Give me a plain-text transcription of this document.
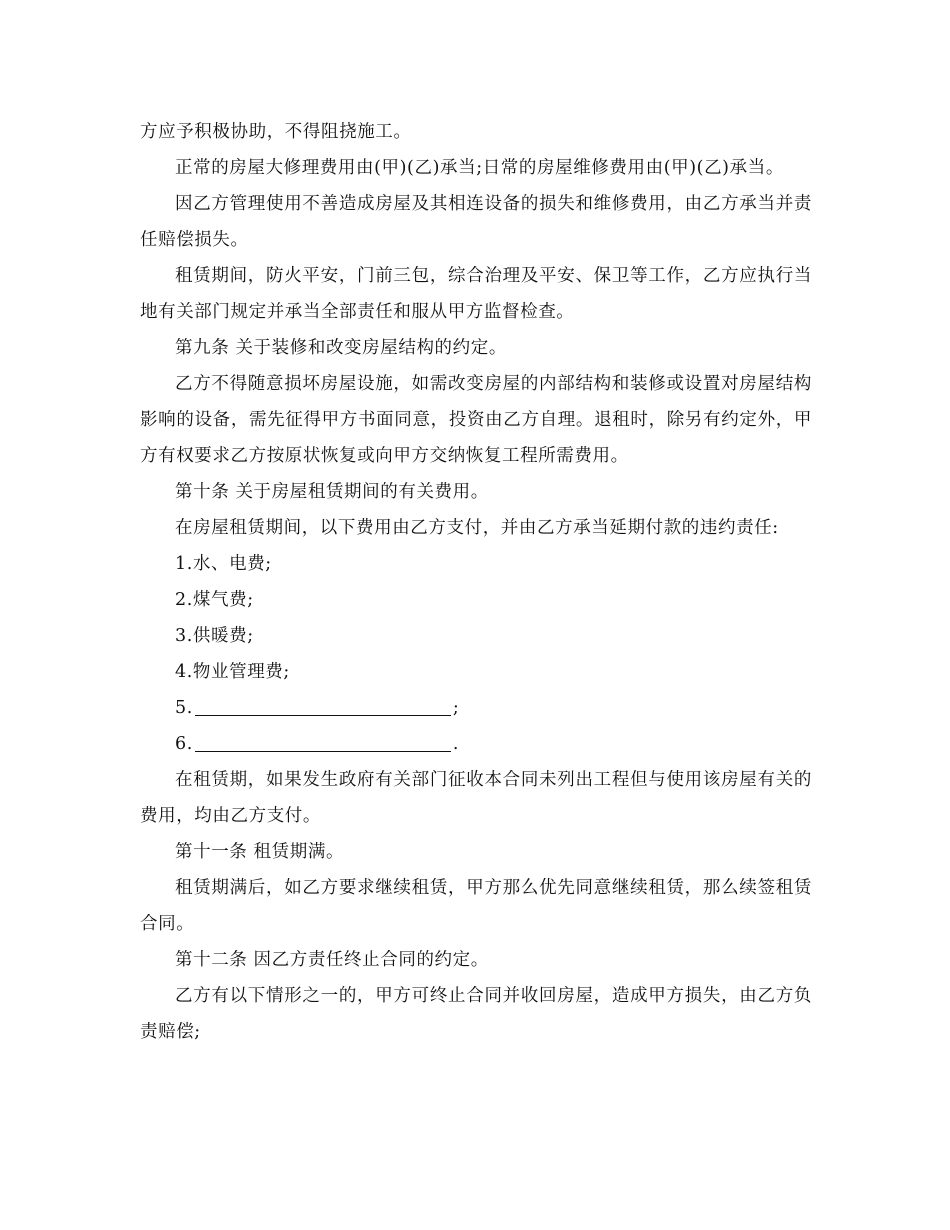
方应予积极协助，不得阻挠施工。

正常的房屋大修理费用由(甲)(乙)承当;日常的房屋维修费用由(甲)(乙)承当。

因乙方管理使用不善造成房屋及其相连设备的损失和维修费用，由乙方承当并责任赔偿损失。

租赁期间，防火平安，门前三包，综合治理及平安、保卫等工作，乙方应执行当地有关部门规定并承当全部责任和服从甲方监督检查。

第九条 关于装修和改变房屋结构的约定。

乙方不得随意损坏房屋设施，如需改变房屋的内部结构和装修或设置对房屋结构影响的设备，需先征得甲方书面同意，投资由乙方自理。退租时，除另有约定外，甲方有权要求乙方按原状恢复或向甲方交纳恢复工程所需费用。

第十条 关于房屋租赁期间的有关费用。

在房屋租赁期间，以下费用由乙方支付，并由乙方承当延期付款的违约责任:

1.水、电费;

2.煤气费;

3.供暖费;

4.物业管理费;

5.	;

6.	.

在租赁期，如果发生政府有关部门征收本合同未列出工程但与使用该房屋有关的费用，均由乙方支付。

第十一条 租赁期满。

租赁期满后，如乙方要求继续租赁，甲方那么优先同意继续租赁，那么续签租赁合同。

第十二条 因乙方责任终止合同的约定。

乙方有以下情形之一的，甲方可终止合同并收回房屋，造成甲方损失，由乙方负责赔偿;
